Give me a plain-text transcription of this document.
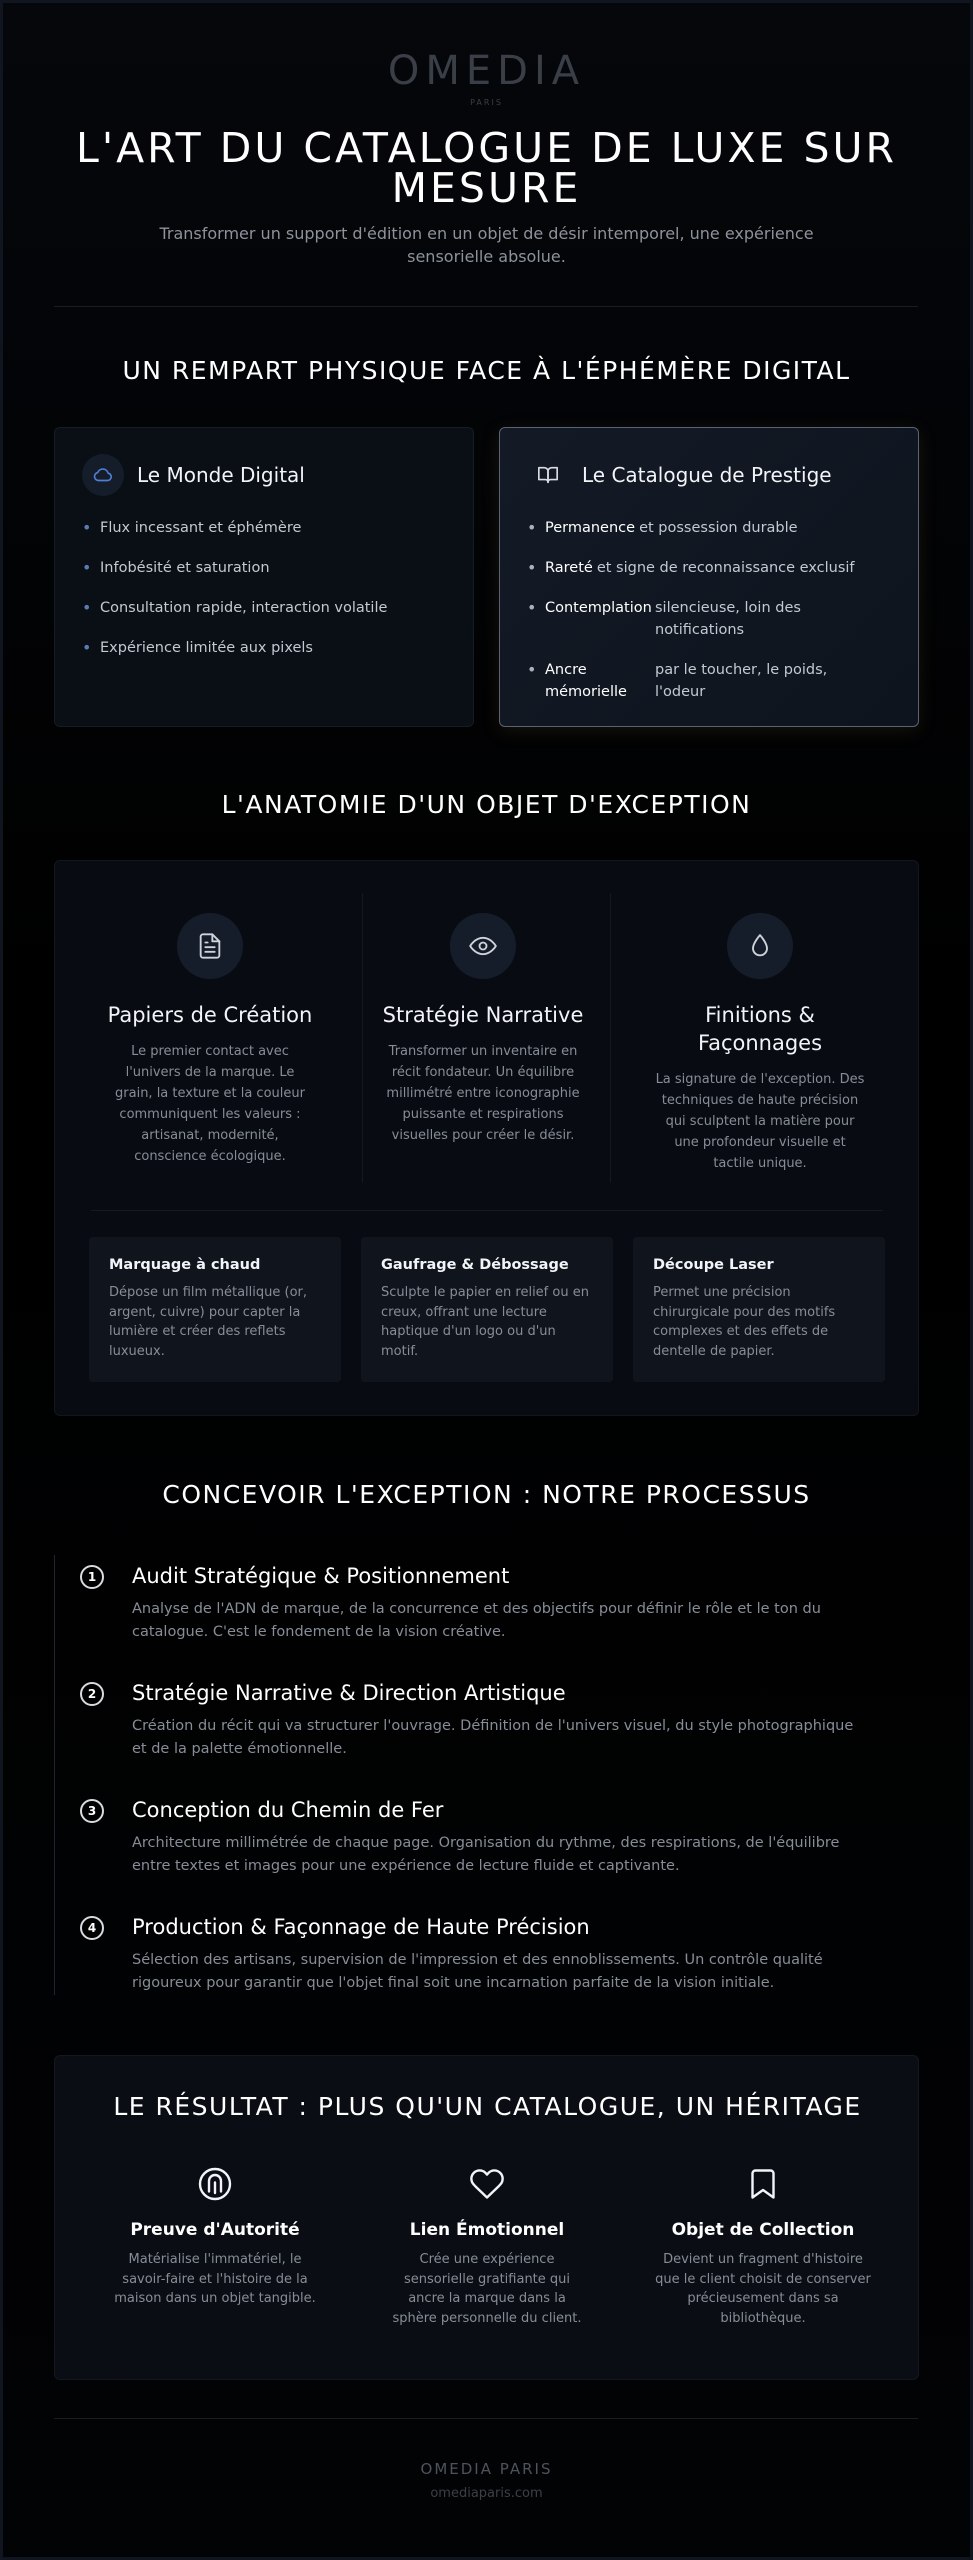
OMEDIA
PARIS
L'ART DU CATALOGUE DE LUXE SUR MESURE

Transformer un support d'édition en un objet de désir intemporel, une expérience sensorielle absolue.

UN REMPART PHYSIQUE FACE À L'ÉPHÉMÈRE DIGITAL
Le Monde Digital
• Flux incessant et éphémère
• Infobésité et saturation
• Consultation rapide, interaction volatile
• Expérience limitée aux pixels
Le Catalogue de Prestige
• Permanence et possession durable
• Rareté et signe de reconnaissance exclusif
• Contemplation silencieuse, loin des notifications
• Ancre mémorielle
par le toucher, le poids, l'odeur
L'ANATOMIE D'UN OBJET D'EXCEPTION
Papiers de Création
Le premier contact avec l'univers de la marque. Le grain, la texture et la couleur communiquent les valeurs : artisanat, modernité, conscience écologique.
Stratégie Narrative
Transformer un inventaire en récit fondateur. Un équilibre millimétré entre iconographie puissante et respirations visuelles pour créer le désir.
Finitions & Façonnages
La signature de l'exception. Des techniques de haute précision qui sculptent la matière pour une profondeur visuelle et tactile unique.
Marquage à chaud
Dépose un film métallique (or, argent, cuivre) pour capter la lumière et créer des reflets luxueux.
Gaufrage & Débossage
Sculpte le papier en relief ou en creux, offrant une lecture haptique d'un logo ou d'un motif.
Découpe Laser
Permet une précision chirurgicale pour des motifs complexes et des effets de dentelle de papier.
CONCEVOIR L'EXCEPTION : NOTRE PROCESSUS
1	Audit Stratégique & Positionnement
Analyse de l'ADN de marque, de la concurrence et des objectifs pour définir le rôle et le ton du catalogue. C'est le fondement de la vision créative.
2	Stratégie Narrative & Direction Artistique
Création du récit qui va structurer l'ouvrage. Définition de l'univers visuel, du style photographique et de la palette émotionnelle.
3	Conception du Chemin de Fer
Architecture millimétrée de chaque page. Organisation du rythme, des respirations, de l'équilibre entre textes et images pour une expérience de lecture fluide et captivante.
4	Production & Façonnage de Haute Précision
Sélection des artisans, supervision de l'impression et des ennoblissements. Un contrôle qualité rigoureux pour garantir que l'objet final soit une incarnation parfaite de la vision initiale.
LE RÉSULTAT : PLUS QU'UN CATALOGUE, UN HÉRITAGE
Preuve d'Autorité
Matérialise l'immatériel, le savoir-faire et l'histoire de la maison dans un objet tangible.
Lien Émotionnel
Crée une expérience sensorielle gratifiante qui ancre la marque dans la sphère personnelle du client.
Objet de Collection
Devient un fragment d'histoire que le client choisit de conserver précieusement dans sa bibliothèque.
OMEDIA PARIS
omediaparis.com
